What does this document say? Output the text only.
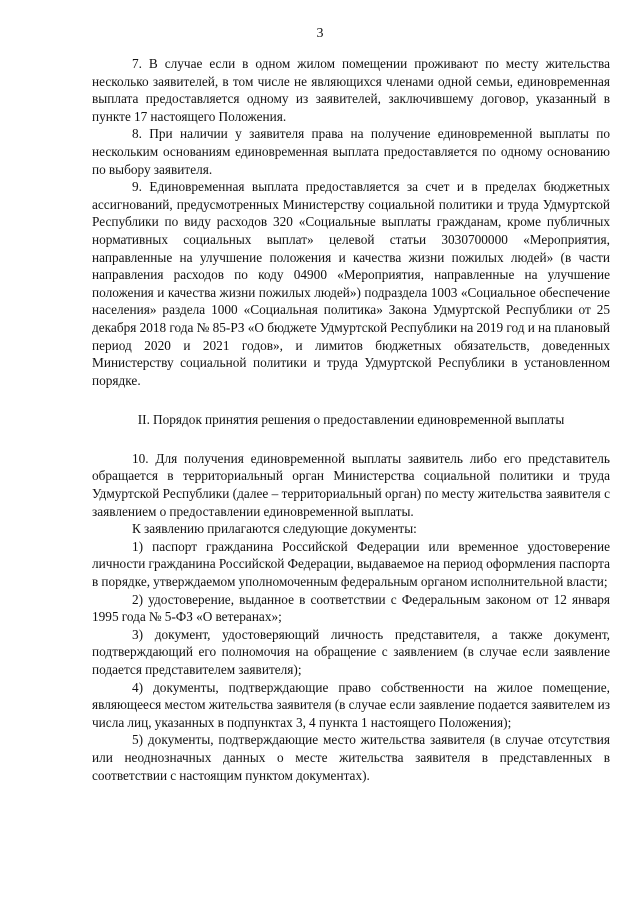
3

7. В случае если в одном жилом помещении проживают по месту жительства несколько заявителей, в том числе не являющихся членами одной семьи, единовременная выплата предоставляется одному из заявителей, заключившему договор, указанный в пункте 17 настоящего Положения.

8. При наличии у заявителя права на получение единовременной выплаты по нескольким основаниям единовременная выплата предоставляется по одному основанию по выбору заявителя.

9. Единовременная выплата предоставляется за счет и в пределах бюджетных ассигнований, предусмотренных Министерству социальной политики и труда Удмуртской Республики по виду расходов 320 «Социальные выплаты гражданам, кроме публичных нормативных социальных выплат» целевой статьи 3030700000 «Мероприятия, направленные на улучшение положения и качества жизни пожилых людей» (в части направления расходов по коду 04900 «Мероприятия, направленные на улучшение положения и качества жизни пожилых людей») подраздела 1003 «Социальное обеспечение населения» раздела 1000 «Социальная политика» Закона Удмуртской Республики от 25 декабря 2018 года № 85-РЗ «О бюджете Удмуртской Республики на 2019 год и на плановый период 2020 и 2021 годов», и лимитов бюджетных обязательств, доведенных Министерству социальной политики и труда Удмуртской Республики в установленном порядке.

II. Порядок принятия решения о предоставлении единовременной выплаты

10. Для получения единовременной выплаты заявитель либо его представитель обращается в территориальный орган Министерства социальной политики и труда Удмуртской Республики (далее – территориальный орган) по месту жительства заявителя с заявлением о предоставлении единовременной выплаты.

К заявлению прилагаются следующие документы:

1) паспорт гражданина Российской Федерации или временное удостоверение личности гражданина Российской Федерации, выдаваемое на период оформления паспорта в порядке, утверждаемом уполномоченным федеральным органом исполнительной власти;

2) удостоверение, выданное в соответствии с Федеральным законом от 12 января 1995 года № 5-ФЗ «О ветеранах»;

3) документ, удостоверяющий личность представителя, а также документ, подтверждающий его полномочия на обращение с заявлением (в случае если заявление подается представителем заявителя);

4) документы, подтверждающие право собственности на жилое помещение, являющееся местом жительства заявителя (в случае если заявление подается заявителем из числа лиц, указанных в подпунктах 3, 4 пункта 1 настоящего Положения);

5) документы, подтверждающие место жительства заявителя (в случае отсутствия или неоднозначных данных о месте жительства заявителя в представленных в соответствии с настоящим пунктом документах).
